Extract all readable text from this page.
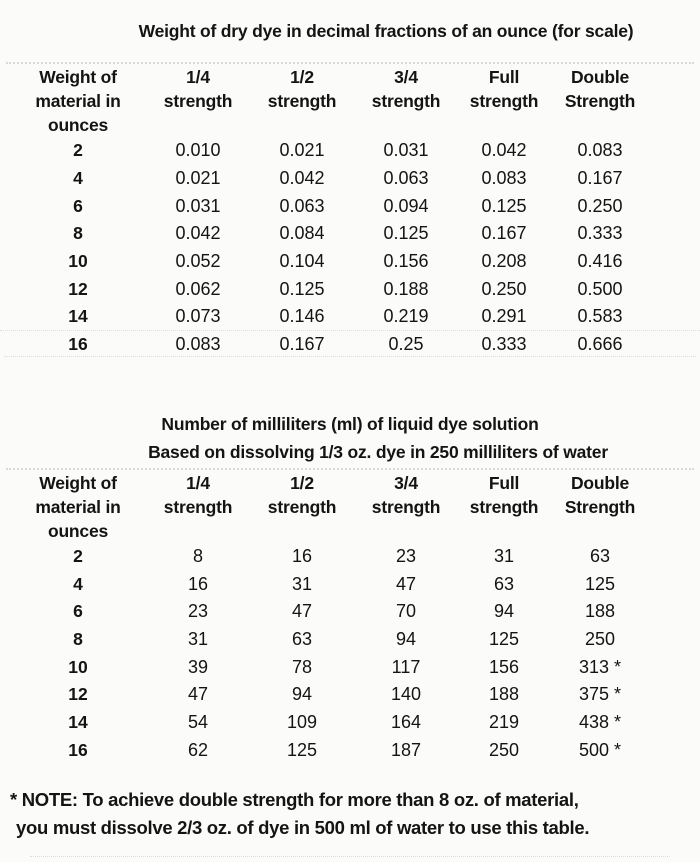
Weight of dry dye in decimal fractions of an ounce (for scale)
Weight of
material in
ounces

1/4
strength

1/2
strength

3/4
strength

Full
strength

Double
Strength

2	0.010	0.021	0.031	0.042	0.083
4	0.021	0.042	0.063	0.083	0.167
6	0.031	0.063	0.094	0.125	0.250
8	0.042	0.084	0.125	0.167	0.333
10	0.052	0.104	0.156	0.208	0.416
12	0.062	0.125	0.188	0.250	0.500
14	0.073	0.146	0.219	0.291	0.583
16	0.083	0.167	0.25	0.333	0.666
Number of milliliters (ml) of liquid dye solution
Based on dissolving 1/3 oz. dye in 250 milliliters of water
Weight of
material in
ounces

1/4
strength

1/2
strength

3/4
strength

Full
strength

Double
Strength

2	8	16	23	31	63
4	16	31	47	63	125
6	23	47	70	94	188
8	31	63	94	125	250
10	39	78	117	156	313 *
12	47	94	140	188	375 *
14	54	109	164	219	438 *
16	62	125	187	250	500 *
* NOTE: To achieve double strength for more than 8 oz. of material,
you must dissolve 2/3 oz. of dye in 500 ml of water to use this table.
